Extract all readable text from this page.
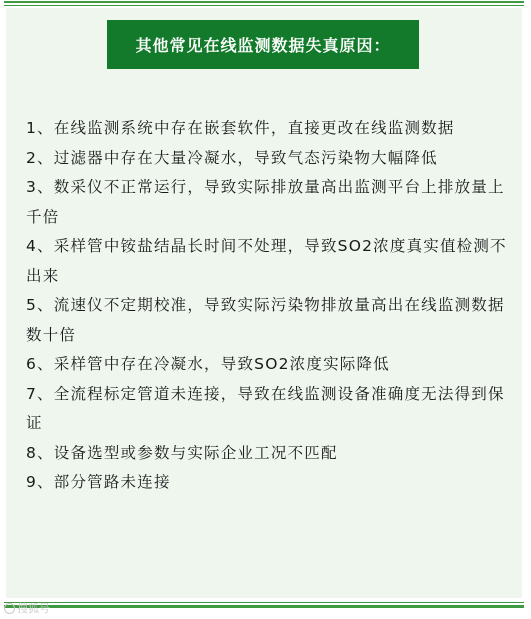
其他常见在线监测数据失真原因：
1、在线监测系统中存在嵌套软件，直接更改在线监测数据
2、过滤器中存在大量冷凝水，导致气态污染物大幅降低
3、数采仪不正常运行，导致实际排放量高出监测平台上排放量上千倍
4、采样管中铵盐结晶长时间不处理，导致SO2浓度真实值检测不出来
5、流速仪不定期校准，导致实际污染物排放量高出在线监测数据数十倍
6、采样管中存在冷凝水，导致SO2浓度实际降低
7、全流程标定管道未连接，导致在线监测设备准确度无法得到保证
8、设备选型或参数与实际企业工况不匹配
9、部分管路未连接
搜狐号
